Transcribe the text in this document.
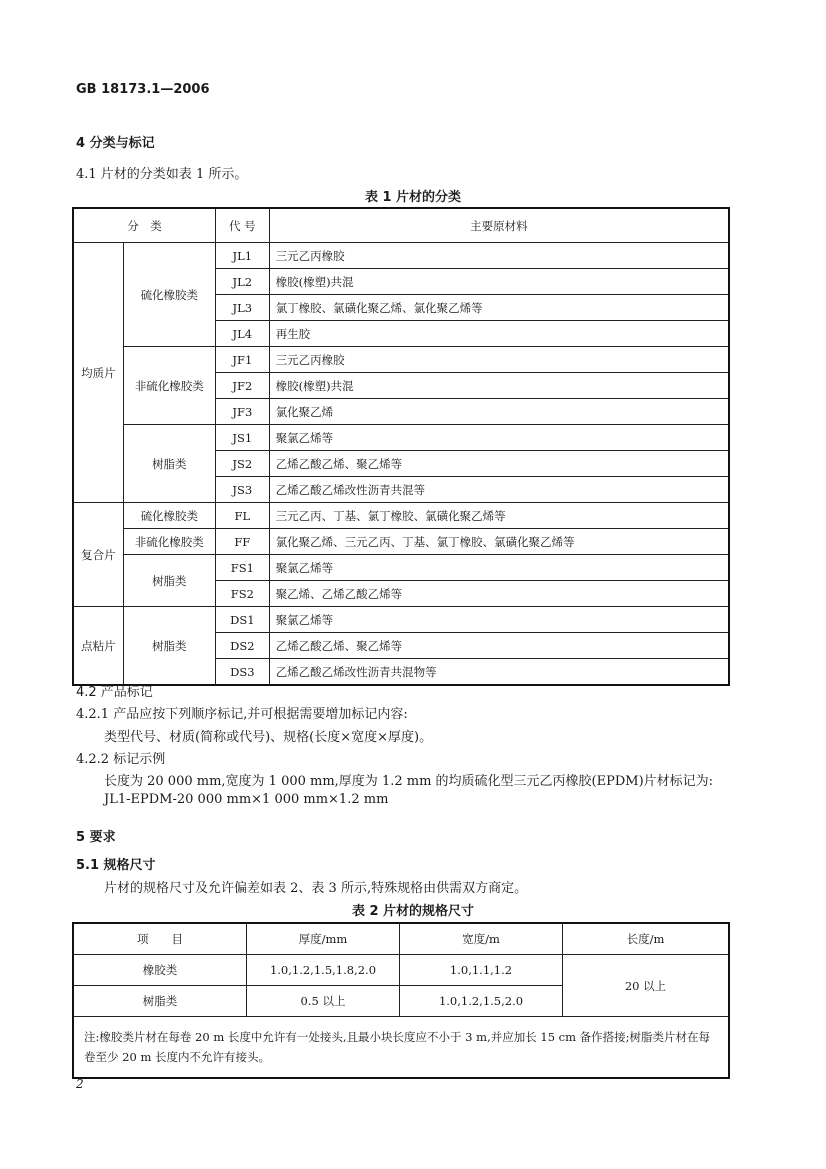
GB 18173.1—2006
4 分类与标记
4.1 片材的分类如表 1 所示。
表 1 片材的分类
分　类		代 号	主要原材料
均质片	硫化橡胶类	JL1	三元乙丙橡胶
		JL2	橡胶(橡塑)共混
		JL3	氯丁橡胶、氯磺化聚乙烯、氯化聚乙烯等
		JL4	再生胶
	非硫化橡胶类	JF1	三元乙丙橡胶
		JF2	橡胶(橡塑)共混
		JF3	氯化聚乙烯
	树脂类	JS1	聚氯乙烯等
		JS2	乙烯乙酸乙烯、聚乙烯等
		JS3	乙烯乙酸乙烯改性沥青共混等
复合片	硫化橡胶类	FL	三元乙丙、丁基、氯丁橡胶、氯磺化聚乙烯等
	非硫化橡胶类	FF	氯化聚乙烯、三元乙丙、丁基、氯丁橡胶、氯磺化聚乙烯等
	树脂类	FS1	聚氯乙烯等
		FS2	聚乙烯、乙烯乙酸乙烯等
点粘片	树脂类	DS1	聚氯乙烯等
		DS2	乙烯乙酸乙烯、聚乙烯等
		DS3	乙烯乙酸乙烯改性沥青共混物等
4.2 产品标记
4.2.1 产品应按下列顺序标记,并可根据需要增加标记内容:
类型代号、材质(简称或代号)、规格(长度×宽度×厚度)。
4.2.2 标记示例
长度为 20 000 mm,宽度为 1 000 mm,厚度为 1.2 mm 的均质硫化型三元乙丙橡胶(EPDM)片材标记为:
JL1-EPDM-20 000 mm×1 000 mm×1.2 mm
5 要求
5.1 规格尺寸
片材的规格尺寸及允许偏差如表 2、表 3 所示,特殊规格由供需双方商定。
表 2 片材的规格尺寸
项　　目	厚度/mm	宽度/m	长度/m
橡胶类	1.0,1.2,1.5,1.8,2.0	1.0,1.1,1.2	20 以上
树脂类	0.5 以上	1.0,1.2,1.5,2.0	
注:橡胶类片材在每卷 20 m 长度中允许有一处接头,且最小块长度应不小于 3 m,并应加长 15 cm 备作搭接;树脂类片材在每卷至少 20 m 长度内不允许有接头。			
2
